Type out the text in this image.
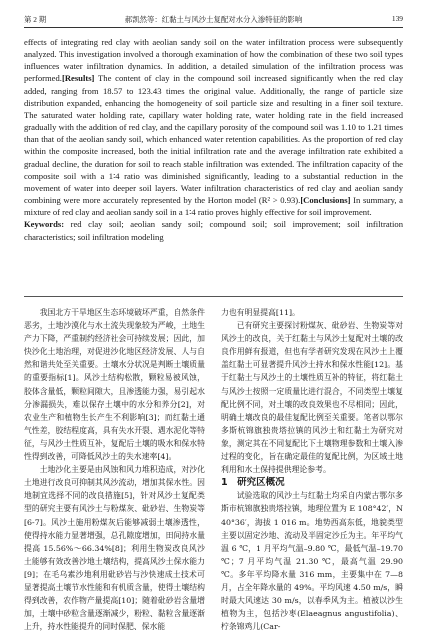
第 2 期	郝凯然等：红黏土与风沙土复配对水分入渗特征的影响	139

effects of integrating red clay with aeolian sandy soil on the water infiltration process were subsequently analyzed. This investigation involved a thorough examination of how the combination of these two soil types influences water infiltration dynamics. In addition, a detailed simulation of the infiltration process was performed.[Results] The content of clay in the compound soil increased significantly when the red clay added, ranging from 18.57 to 123.43 times the original value. Additionally, the range of particle size distribution expanded, enhancing the homogeneity of soil particle size and resulting in a finer soil texture. The saturated water holding rate, capillary water holding rate, water holding rate in the field increased gradually with the addition of red clay, and the capillary porosity of the compound soil was 1.10 to 1.21 times than that of the aeolian sandy soil, which enhanced water retention capabilities. As the proportion of red clay within the composite increased, both the initial infiltration rate and the average infiltration rate exhibited a gradual decline, the duration for soil to reach stable infiltration was extended. The infiltration capacity of the composite soil with a 1∶4 ratio was diminished significantly, leading to a substantial reduction in the movement of water into deeper soil layers. Water infiltration characteristics of red clay and aeolian sandy combining were more accurately represented by the Horton model (R² > 0.93).[Conclusions] In summary, a mixture of red clay and aeolian sandy soil in a 1∶4 ratio proves highly effective for soil improvement.

Keywords: red clay soil; aeolian sandy soil; compound soil; soil improvement; soil infiltration characteristics; soil infiltration modeling

我国北方干旱地区生态环境破坏严重，自然条件恶劣，土地沙漠化与水土流失现象较为严峻，土地生产力下降，严重制约经济社会可持续发展；因此，加快沙化土地治理，对促进沙化地区经济发展、人与自然和谐共处至关重要。土壤水分状况是判断土壤质量的重要指标[1]。风沙土结构松散，颗粒易被风蚀，胶体含量低，颗粒间隙大，且渗透能力强，易引起水分渗漏损失，难以保存土壤中的水分和养分[2]，对农业生产和植物生长产生不利影响[3]；而红黏土通气性差，胶结程度高，具有失水开裂、遇水泥化等特征，与风沙土性质互补，复配后土壤的吸水和保水特性得到改善，可降低风沙土的失水速率[4]。

土地沙化主要是由风蚀和风力堆积造成，对沙化土地进行改良可抑制其风沙流动，增加其保水性。因地制宜选择不同的改良措施[5]，针对风沙土复配类型的研究主要有风沙土与粉煤灰、砒砂岩、生物炭等[6-7]。风沙土施用粉煤灰后能够减弱土壤渗透性，使得持水能力显著增强，总孔隙度增加，田间持水量提高 15.56%～66.34%[8]；利用生物炭改良风沙土能够有效改善沙地土壤结构，提高风沙土保水能力[9]；在毛乌素沙地利用砒砂岩与沙快速成土技术可显著提高土壤节水性能和有机质含量，使得土壤结构得到改善，农作物产量提高[10]；随着砒砂岩含量增加，土壤中砂粒含量逐渐减少，粉粒、黏粒含量逐渐上升，持水性能提升的同时保肥、保水能

力也有明显提高[11]。

已有研究主要探讨粉煤灰、砒砂岩、生物炭等对风沙土的改良，关于红黏土与风沙土复配对土壤的改良作用鲜有报道，但也有学者研究发现在风沙土上覆盖红黏土可显著提升风沙土持水和保水性能[12]。基于红黏土与风沙土的土壤性质互补的特征，将红黏土与风沙土按照一定质量比进行混合，不同类型土壤复配比例不同，对土壤的改良效果也不尽相同；因此，明确土壤改良的最佳复配比例至关重要。笔者以鄂尔多斯杭锦旗独贵塔拉镇的风沙土和红黏土为研究对象，测定其在不同复配比下土壤物理参数和土壤入渗过程的变化，旨在确定最佳的复配比例，为区域土地利用和水土保持提供理论参考。

1　研究区概况

试验选取的风沙土与红黏土均采自内蒙古鄂尔多斯市杭锦旗独贵塔拉镇，地理位置为 E 108°42′，N 40°36′，海拔 1 016 m。地势西高东低，地貌类型主要以固定沙地、流动及半固定沙丘为主。年平均气温 6 ℃，1 月平均气温–9.80 ℃，最低气温–19.70 ℃；7 月平均气温 21.30 ℃，最高气温 29.90 ℃。多年平均降水量 316 mm，主要集中在 7—8 月，占全年降水量的 49%。平均风速 4.50 m/s，瞬时最大风速达 30 m/s，以春季风为主。植被以沙生植物为主，包括沙枣(Elaeagnus angustifolia)、柠条锦鸡儿(Car-
